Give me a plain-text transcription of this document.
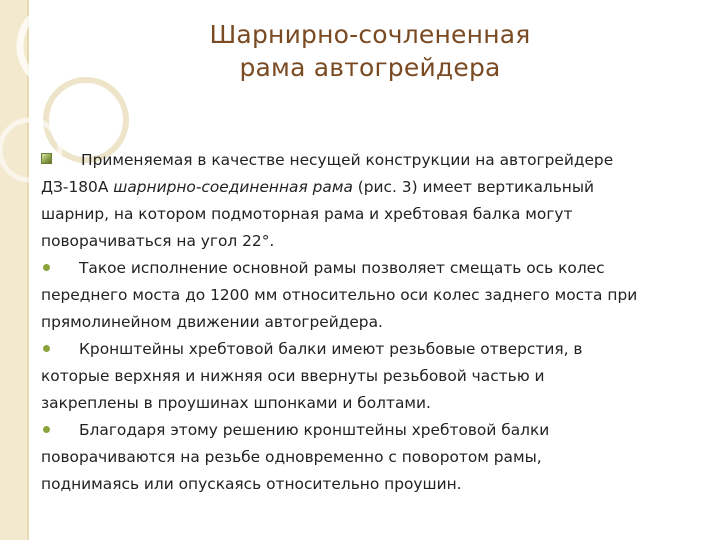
Шарнирно-сочлененная
рама автогрейдера
Применяемая в качестве несущей конструкции на автогрейдере
ДЗ-180А шарнирно-соединенная рама (рис. 3) имеет вертикальный
шарнир, на котором подмоторная рама и хребтовая балка могут
поворачиваться на угол 22°.
Такое исполнение основной рамы позволяет смещать ось колес
переднего моста до 1200 мм относительно оси колес заднего моста при
прямолинейном движении автогрейдера.
Кронштейны хребтовой балки имеют резьбовые отверстия, в
которые верхняя и нижняя оси ввернуты резьбовой частью и
закреплены в проушинах шпонками и болтами.
Благодаря этому решению кронштейны хребтовой балки
поворачиваются на резьбе одновременно с поворотом рамы,
поднимаясь или опускаясь относительно проушин.
